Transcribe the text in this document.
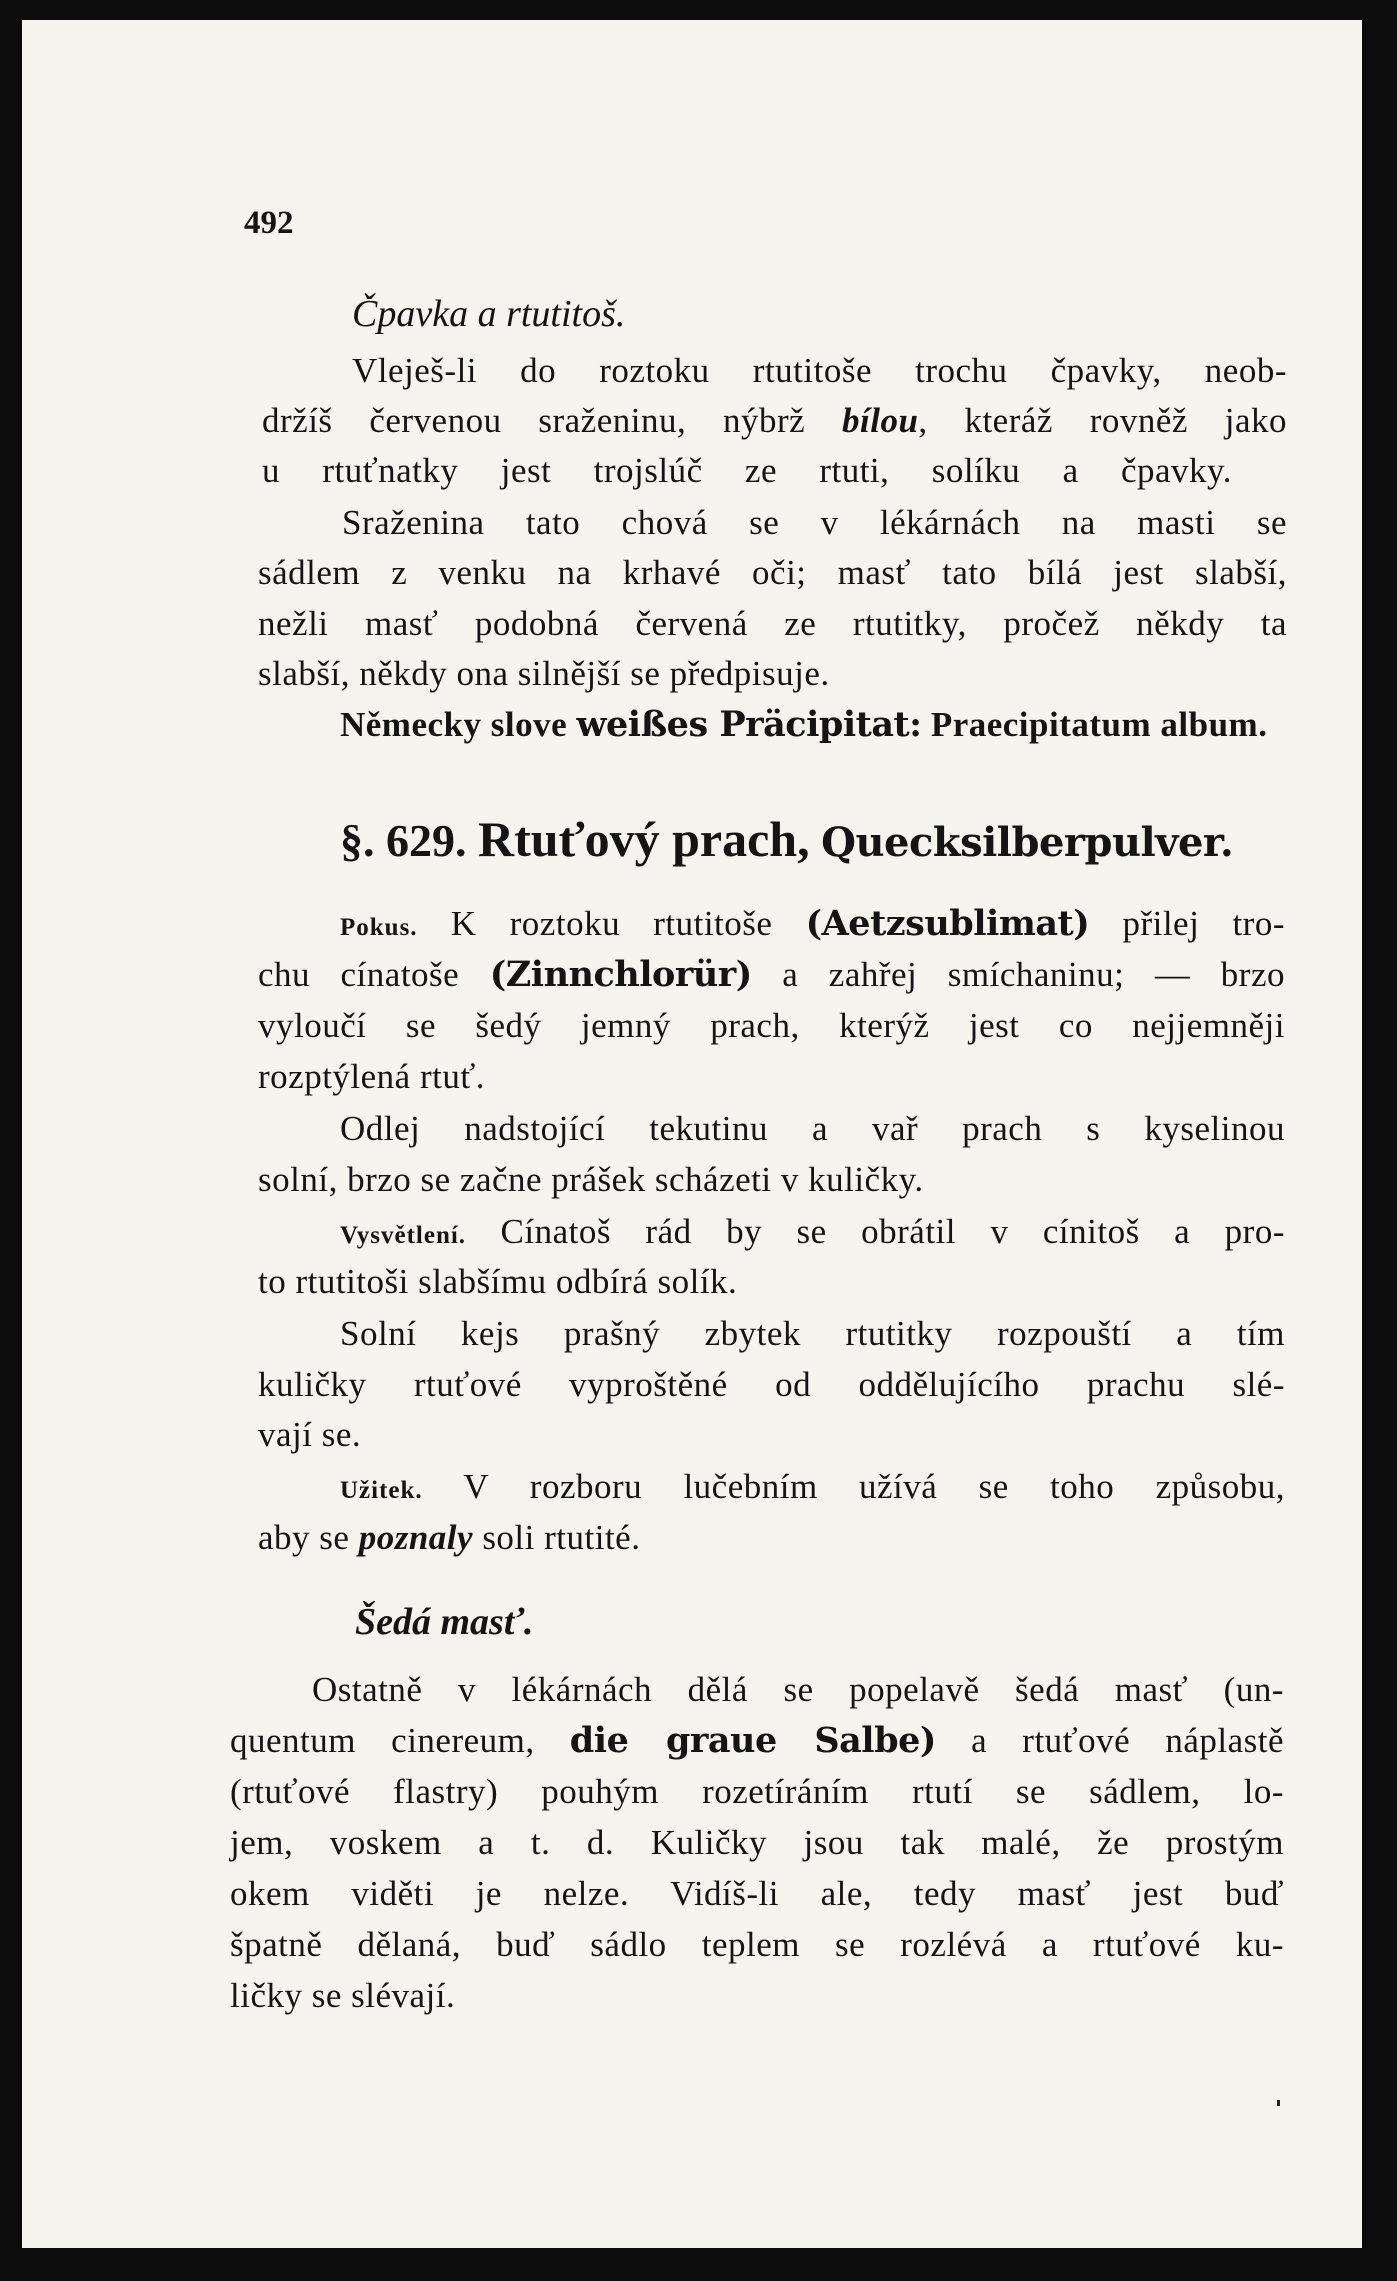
492
Čpavka a rtutitoš.
Vleješ-li do roztoku rtutitoše trochu čpavky, neob-
držíš červenou sraženinu, nýbrž bílou, kteráž rovněž jako
u rtuťnatky jest trojslúč ze rtuti, solíku a čpavky.
Sraženina tato chová se v lékárnách na masti se
sádlem z venku na krhavé oči; masť tato bílá jest slabší,
nežli masť podobná červená ze rtutitky, pročež někdy ta
slabší, někdy ona silnější se předpisuje.
Německy slove weißes Präcipitat: Praecipitatum album.
§. 629. Rtuťový prach, Quecksilberpulver.
Pokus. K roztoku rtutitoše (Aetzsublimat) přilej tro-
chu cínatoše (Zinnchlorür) a zahřej smíchaninu; — brzo
vyloučí se šedý jemný prach, kterýž jest co nejjemněji
rozptýlená rtuť.
Odlej nadstojící tekutinu a vař prach s kyselinou
solní, brzo se začne prášek scházeti v kuličky.
Vysvětlení. Cínatoš rád by se obrátil v cínitoš a pro-
to rtutitoši slabšímu odbírá solík.
Solní kejs prašný zbytek rtutitky rozpouští a tím
kuličky rtuťové vyproštěné od oddělujícího prachu slé-
vají se.
Užitek. V rozboru lučebním užívá se toho způsobu,
aby se poznaly soli rtutité.
Šedá masť.
Ostatně v lékárnách dělá se popelavě šedá masť (un-
quentum cinereum, die graue Salbe) a rtuťové náplastě
(rtuťové flastry) pouhým rozetíráním rtutí se sádlem, lo-
jem, voskem a t. d. Kuličky jsou tak malé, že prostým
okem viděti je nelze. Vidíš-li ale, tedy masť jest buď
špatně dělaná, buď sádlo teplem se rozlévá a rtuťové ku-
ličky se slévají.
